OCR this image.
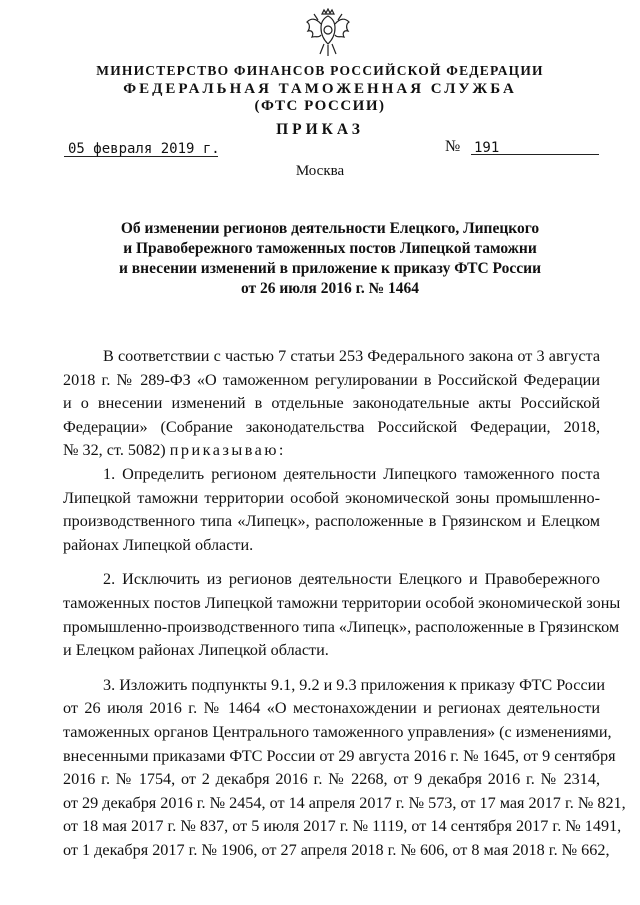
МИНИСТЕРСТВО ФИНАНСОВ РОССИЙСКОЙ ФЕДЕРАЦИИ
ФЕДЕРАЛЬНАЯ ТАМОЖЕННАЯ СЛУЖБА
(ФТС РОССИИ)
ПРИКАЗ
05 февраля 2019 г.	№ 191
Москва
Об изменении регионов деятельности Елецкого, Липецкого
и Правобережного таможенных постов Липецкой таможни
и внесении изменений в приложение к приказу ФТС России
от 26 июля 2016 г. № 1464
В соответствии с частью 7 статьи 253 Федерального закона от 3 августа
2018 г. № 289-ФЗ «О таможенном регулировании в Российской Федерации
и о внесении изменений в отдельные законодательные акты Российской
Федерации» (Собрание законодательства Российской Федерации, 2018,
№ 32, ст. 5082) приказываю:
1. Определить регионом деятельности Липецкого таможенного поста
Липецкой таможни территории особой экономической зоны промышленно-
производственного типа «Липецк», расположенные в Грязинском и Елецком
районах Липецкой области.
2. Исключить из регионов деятельности Елецкого и Правобережного
таможенных постов Липецкой таможни территории особой экономической зоны
промышленно-производственного типа «Липецк», расположенные в Грязинском
и Елецком районах Липецкой области.
3. Изложить подпункты 9.1, 9.2 и 9.3 приложения к приказу ФТС России
от 26 июля 2016 г. № 1464 «О местонахождении и регионах деятельности
таможенных органов Центрального таможенного управления» (с изменениями,
внесенными приказами ФТС России от 29 августа 2016 г. № 1645, от 9 сентября
2016 г. № 1754, от 2 декабря 2016 г. № 2268, от 9 декабря 2016 г. № 2314,
от 29 декабря 2016 г. № 2454, от 14 апреля 2017 г. № 573, от 17 мая 2017 г. № 821,
от 18 мая 2017 г. № 837, от 5 июля 2017 г. № 1119, от 14 сентября 2017 г. № 1491,
от 1 декабря 2017 г. № 1906, от 27 апреля 2018 г. № 606, от 8 мая 2018 г. № 662,
